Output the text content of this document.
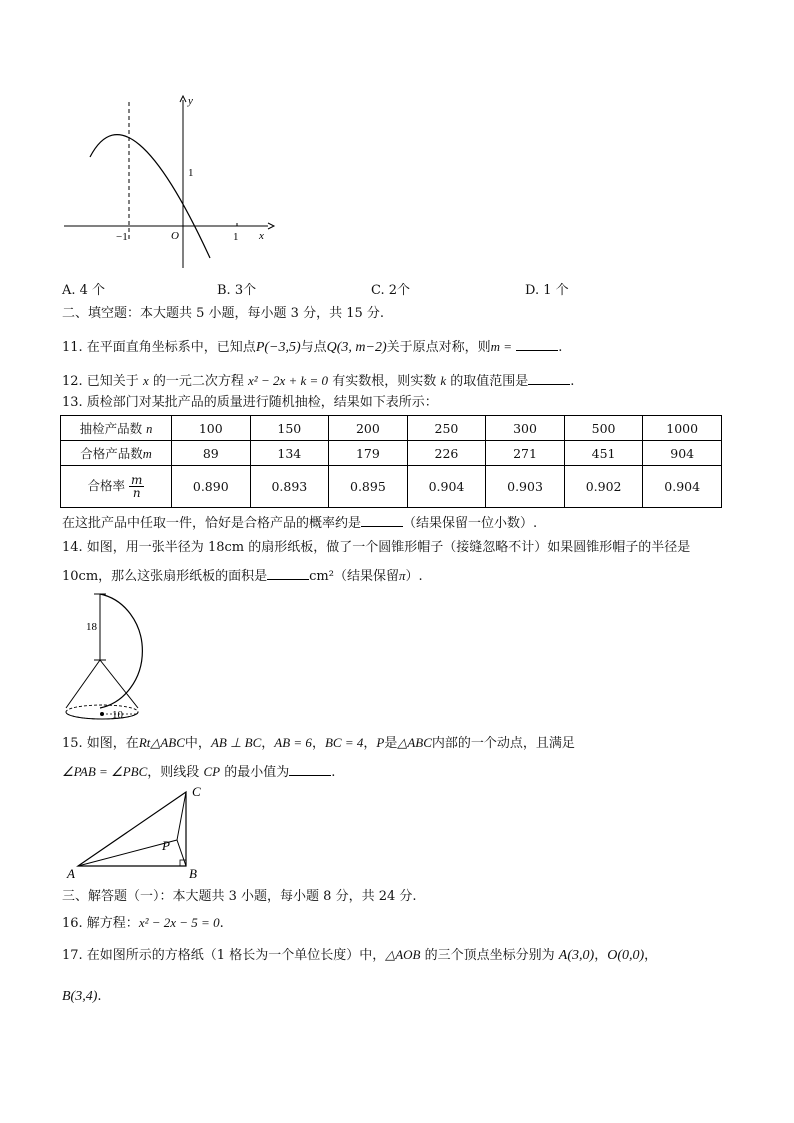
y
x
O
−1	1
1
A. 4 个	B. 3个	C. 2个	D. 1 个
二、填空题：本大题共 5 小题，每小题 3 分，共 15 分.
11. 在平面直角坐标系中，已知点P(−3,5)与点Q(3, m−2)关于原点对称，则m =	.
12. 已知关于 x 的一元二次方程 x² − 2x + k = 0 有实数根，则实数 k 的取值范围是	.
13. 质检部门对某批产品的质量进行随机抽检，结果如下表所示：
抽检产品数 n	100	150	200	250	300	500	1000
合格产品数m	89	134	179	226	271	451	904
合格率 $\frac{m}{n}$	0.890	0.893	0.895	0.904	0.903	0.902	0.904
在这批产品中任取一件，恰好是合格产品的概率约是	（结果保留一位小数）.
14. 如图，用一张半径为 18cm 的扇形纸板，做了一个圆锥形帽子（接缝忽略不计）如果圆锥形帽子的半径是
10cm，那么这张扇形纸板的面积是	cm²（结果保留π）.
18
10
15. 如图，在Rt△ABC中，AB ⊥ BC，AB = 6，BC = 4，P是△ABC内部的一个动点，且满足
∠PAB = ∠PBC，则线段 CP 的最小值为	.
A	B
C
P
三、解答题（一）：本大题共 3 小题，每小题 8 分，共 24 分.
16. 解方程：x² − 2x − 5 = 0.
17. 在如图所示的方格纸（1 格长为一个单位长度）中，△AOB 的三个顶点坐标分别为 A(3,0)，O(0,0)，
B(3,4).
